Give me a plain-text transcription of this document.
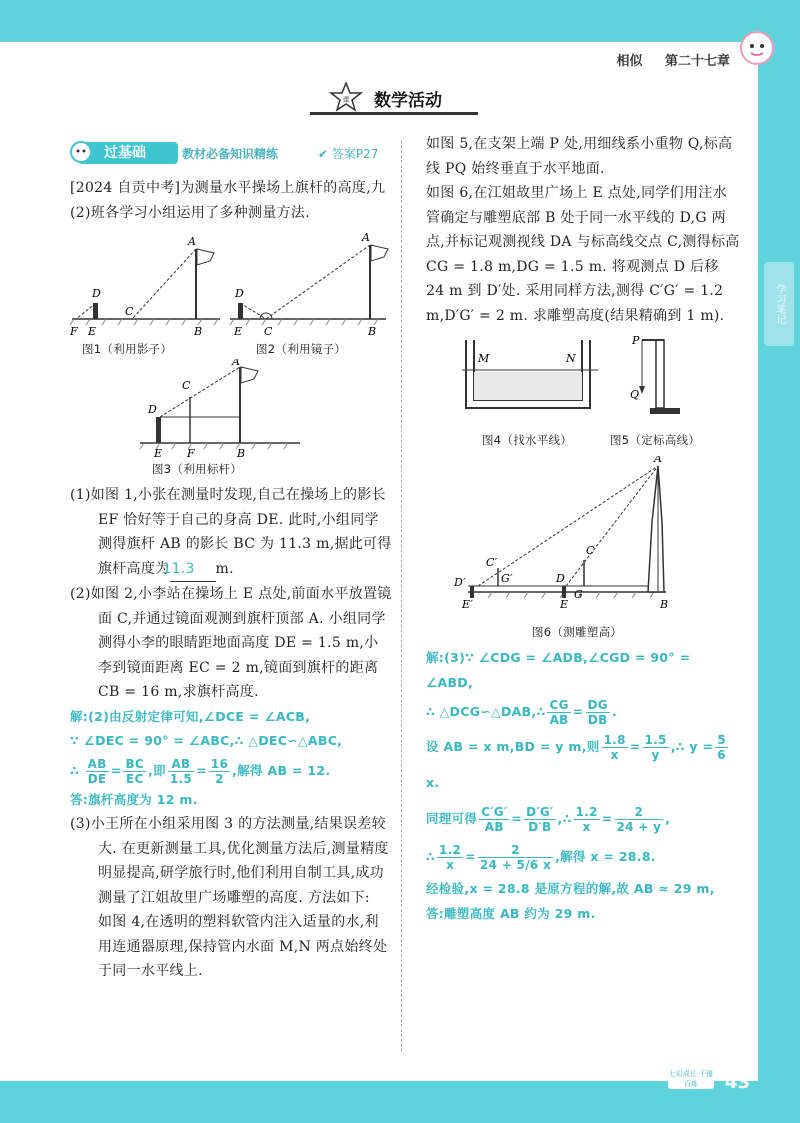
相似 第二十七章
课 数学活动
学习笔记
过基础	教材必备知识精练	✔ 答案P27

[2024 自贡中考]为测量水平操场上旗杆的高度,九(2)班各学习小组运用了多种测量方法.

A
D
F E
C
B
A
D
E C	B
图1（利用影子）	图2（利用镜子）
A
C
D
E F	B
图3（利用标杆）

(1)如图 1,小张在测量时发现,自己在操场上的影长 EF 恰好等于自己的身高 DE. 此时,小组同学测得旗杆 AB 的影长 BC 为 11.3 m,据此可得旗杆高度为11.3 m.

(2)如图 2,小李站在操场上 E 点处,前面水平放置镜面 C,并通过镜面观测到旗杆顶部 A. 小组同学测得小李的眼睛距地面高度 DE = 1.5 m,小李到镜面距离 EC = 2 m,镜面到旗杆的距离 CB = 16 m,求旗杆高度.

解:(2)由反射定律可知,∠DCE = ∠ACB,

∵ ∠DEC = 90° = ∠ABC,∴ △DEC∽△ABC,

∴ $\frac{AB}{DE} = \frac{BC}{EC}$ ,即 $\frac{AB}{1.5} = \frac{16}{2}$ ,解得 AB = 12.

答:旗杆高度为 12 m.

(3)小王所在小组采用图 3 的方法测量,结果误差较大. 在更新测量工具,优化测量方法后,测量精度明显提高,研学旅行时,他们利用自制工具,成功测量了江姐故里广场雕塑的高度. 方法如下:

如图 4,在透明的塑料软管内注入适量的水,利用连通器原理,保持管内水面 M,N 两点始终处于同一水平线上.

如图 5,在支架上端 P 处,用细线系小重物 Q,标高线 PQ 始终垂直于水平地面.

如图 6,在江姐故里广场上 E 点处,同学们用注水管确定与雕塑底部 B 处于同一水平线的 D,G 两点,并标记观测视线 DA 与标高线交点 C,测得标高 CG = 1.8 m,DG = 1.5 m. 将观测点 D 后移 24 m 到 D′处. 采用同样方法,测得 C′G′ = 1.2 m,D′G′ = 2 m. 求雕塑高度(结果精确到 1 m).

M	N
P
Q
图4（找水平线）	图5（定标高线）
A
C′
G′
D′
E′
C
D
G
E	B
图6（测雕塑高）

解:(3)∵ ∠CDG = ∠ADB,∠CGD = 90° = ∠ABD,

∴ △DCG∽△DAB,∴ $\frac{CG}{AB} = \frac{DG}{DB}$ .

设 AB = x m,BD = y m,则 $\frac{1.8}{x} = \frac{1.5}{y}$ ,∴ $y = \frac{5}{6}$
x.

同理可得 $\frac{C'G'}{AB} = \frac{D'G'}{D'B}$ ,∴ $\frac{1.2}{x} = \frac{2}{24 + y}$ ,

∴ $\frac{1.2}{x} = \frac{2}{24 + 5/6 x}$ ,解得 x = 28.8.

经检验,x = 28.8 是原方程的解,故 AB ≈ 29 m,

答:雕塑高度 AB 约为 29 m.

七彩成长 千锤百炼	43
